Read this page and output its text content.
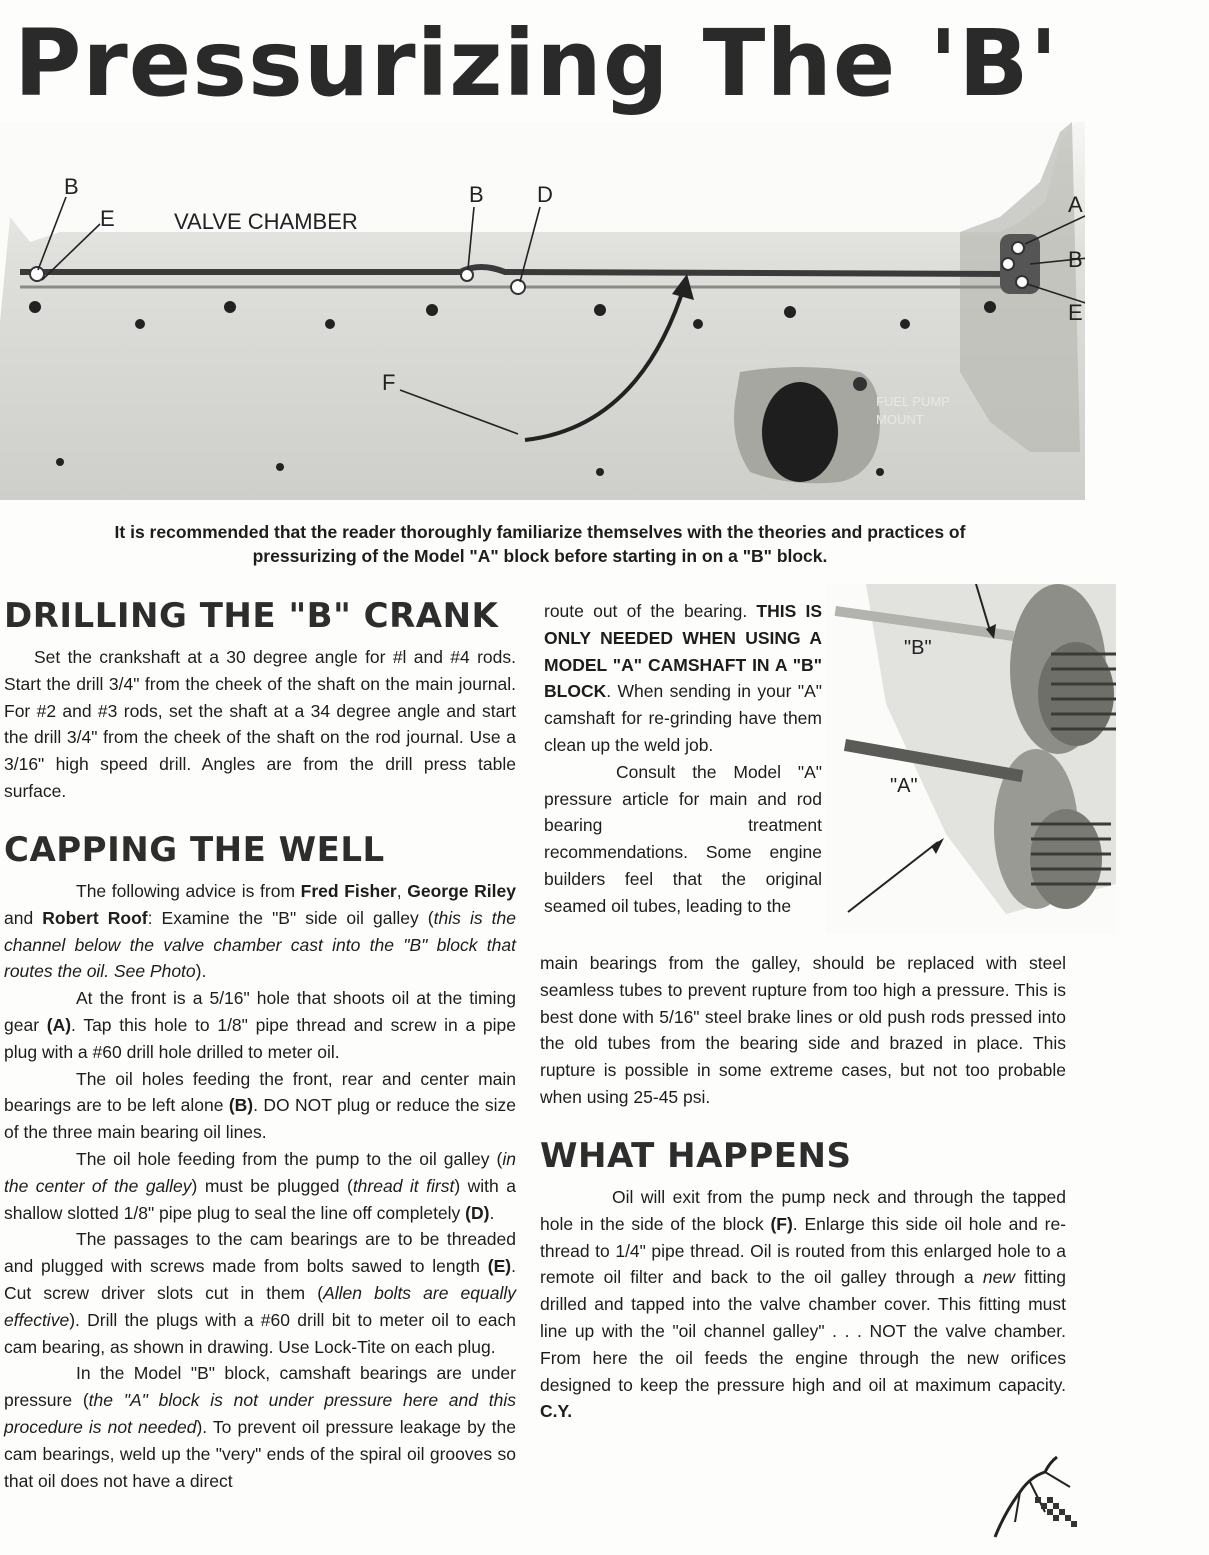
Pressurizing The 'B'
B
E	VALVE CHAMBER
B D	A
B
E
F
FUEL PUMP
MOUNT

It is recommended that the reader thoroughly familiarize themselves with the theories and practices of pressurizing of the Model "A" block before starting in on a "B" block.

DRILLING THE "B" CRANK

Set the crankshaft at a 30 degree angle for #l and #4 rods. Start the drill 3/4" from the cheek of the shaft on the main journal. For #2 and #3 rods, set the shaft at a 34 degree angle and start the drill 3/4" from the cheek of the shaft on the rod journal. Use a 3/16" high speed drill. Angles are from the drill press table surface.

CAPPING THE WELL

The following advice is from Fred Fisher, George Riley and Robert Roof: Examine the "B" side oil galley (this is the channel below the valve chamber cast into the "B" block that routes the oil. See Photo).

At the front is a 5/16" hole that shoots oil at the timing gear (A). Tap this hole to 1/8" pipe thread and screw in a pipe plug with a #60 drill hole drilled to meter oil.

The oil holes feeding the front, rear and center main bearings are to be left alone (B). DO NOT plug or reduce the size of the three main bearing oil lines.

The oil hole feeding from the pump to the oil galley (in the center of the galley) must be plugged (thread it first) with a shallow slotted 1/8" pipe plug to seal the line off completely (D).

The passages to the cam bearings are to be threaded and plugged with screws made from bolts sawed to length (E). Cut screw driver slots cut in them (Allen bolts are equally effective). Drill the plugs with a #60 drill bit to meter oil to each cam bearing, as shown in drawing. Use Lock-Tite on each plug.

In the Model "B" block, camshaft bearings are under pressure (the "A" block is not under pressure here and this procedure is not needed). To prevent oil pressure leakage by the cam bearings, weld up the "very" ends of the spiral oil grooves so that oil does not have a direct

route out of the bearing. THIS IS ONLY NEEDED WHEN USING A MODEL "A" CAMSHAFT IN A "B" BLOCK. When sending in your "A" camshaft for re-grinding have them clean up the weld job.

Consult the Model "A" pressure article for main and rod bearing treatment recommendations. Some engine builders feel that the original seamed oil tubes, leading to the

"B"
"A"

main bearings from the galley, should be replaced with steel seamless tubes to prevent rupture from too high a pressure. This is best done with 5/16" steel brake lines or old push rods pressed into the old tubes from the bearing side and brazed in place. This rupture is possible in some extreme cases, but not too probable when using 25-45 psi.

WHAT HAPPENS

Oil will exit from the pump neck and through the tapped hole in the side of the block (F). Enlarge this side oil hole and re-thread to 1/4" pipe thread. Oil is routed from this enlarged hole to a remote oil filter and back to the oil galley through a new fitting drilled and tapped into the valve chamber cover. This fitting must line up with the "oil channel galley" . . . NOT the valve chamber. From here the oil feeds the engine through the new orifices designed to keep the pressure high and oil at maximum capacity. C.Y.
